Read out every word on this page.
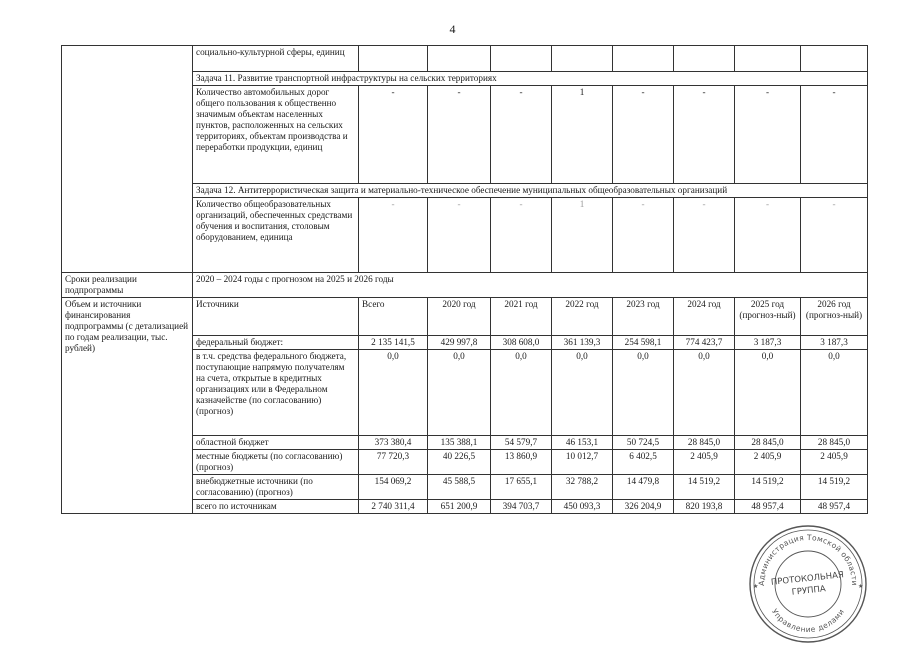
4
	социально-культурной сферы, единиц								
	Задача 11. Развитие транспортной инфраструктуры на сельских территориях								
	Количество автомобильных дорог общего пользования к общественно значимым объектам населенных пунктов, расположенных на сельских территориях, объектам производства и переработки продукции, единиц	-	-	-	1	-	-	-	-
	Задача 12. Антитеррористическая защита и материально-техническое обеспечение муниципальных общеобразовательных организаций								
	Количество общеобразовательных организаций, обеспеченных средствами обучения и воспитания, столовым оборудованием, единица	-	-	-	1	-	-	-	-
Сроки реализации подпрограммы	2020 – 2024 годы с прогнозом на 2025 и 2026 годы								
Объем и источники финансирования подпрограммы (с детализацией по годам реализации, тыс. рублей)	Источники	Всего	2020 год	2021 год	2022 год	2023 год	2024 год	2025 год (прогноз-ный)	2026 год (прогноз-ный)
	федеральный бюджет:	2 135 141,5	429 997,8	308 608,0	361 139,3	254 598,1	774 423,7	3 187,3	3 187,3
	в т.ч. средства федерального бюджета, поступающие напрямую получателям на счета, открытые в кредитных организациях или в Федеральном казначействе (по согласованию) (прогноз)	0,0	0,0	0,0	0,0	0,0	0,0	0,0	0,0
	областной бюджет	373 380,4	135 388,1	54 579,7	46 153,1	50 724,5	28 845,0	28 845,0	28 845,0
	местные бюджеты (по согласованию) (прогноз)	77 720,3	40 226,5	13 860,9	10 012,7	6 402,5	2 405,9	2 405,9	2 405,9
	внебюджетные источники (по согласованию) (прогноз)	154 069,2	45 588,5	17 655,1	32 788,2	14 479,8	14 519,2	14 519,2	14 519,2
	всего по источникам	2 740 311,4	651 200,9	394 703,7	450 093,3	326 204,9	820 193,8	48 957,4	48 957,4
Администрация Томской области
Управление делами
ПРОТОКОЛЬНАЯ
ГРУППА
★	★
